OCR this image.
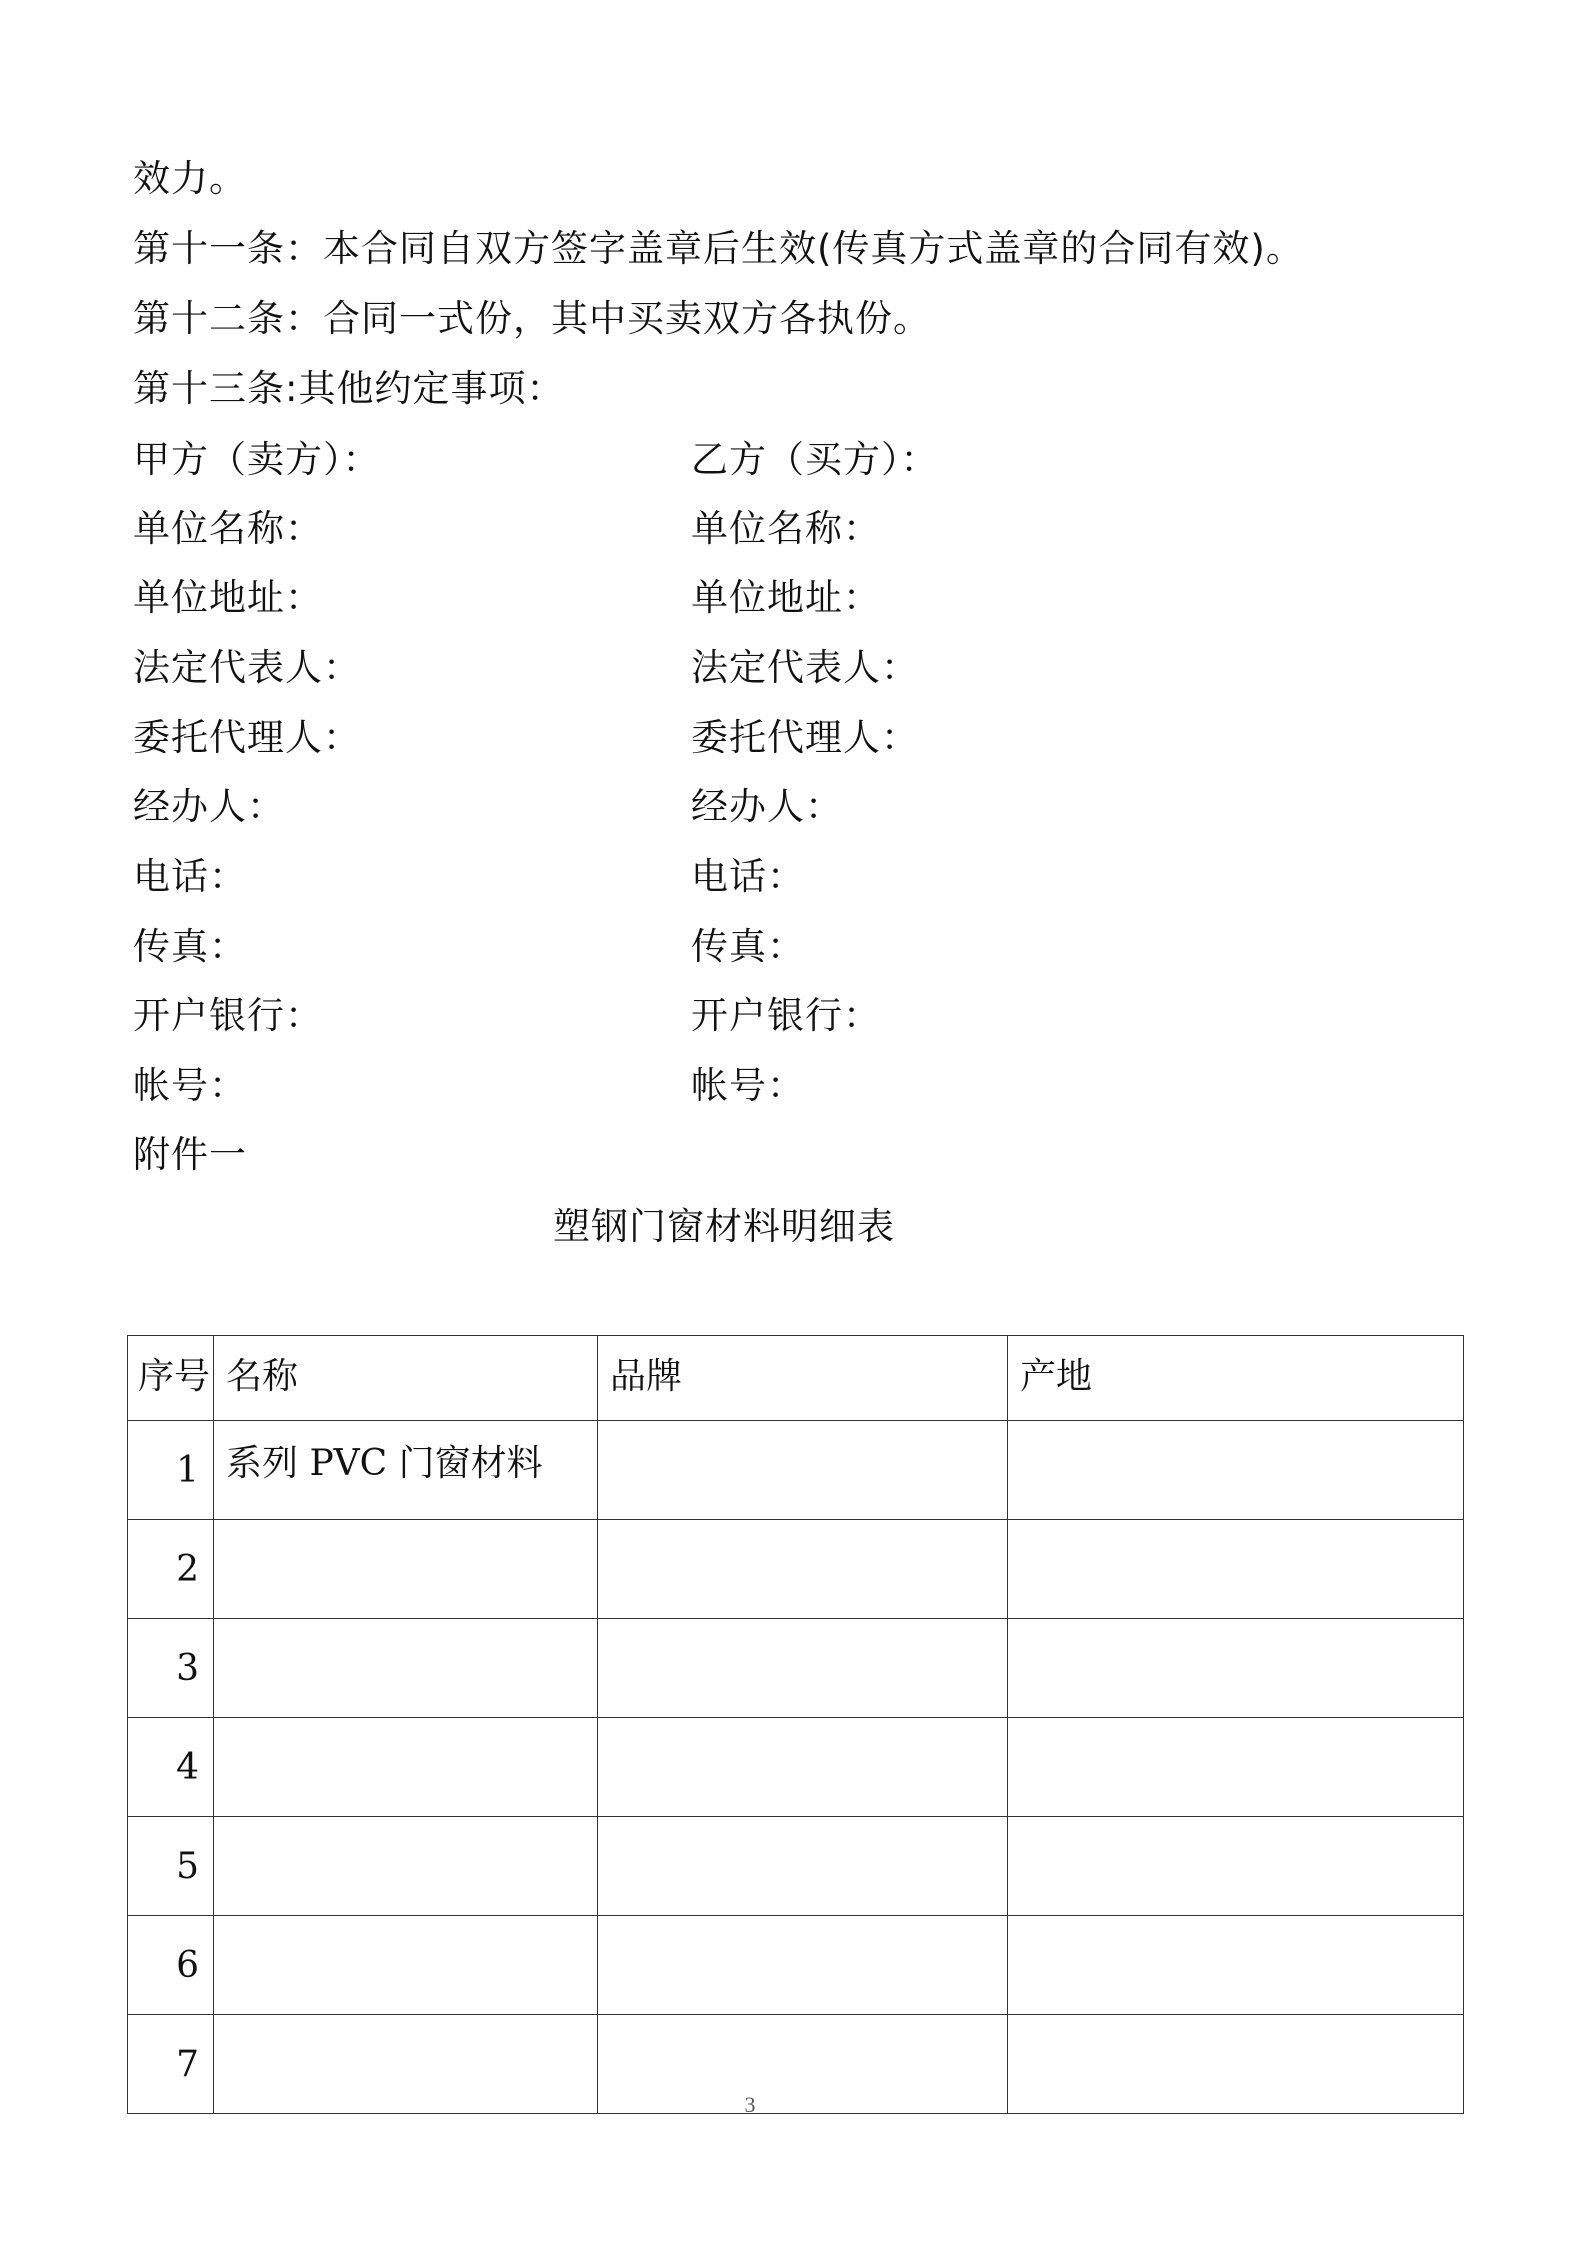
效力。
第十一条：本合同自双方签字盖章后生效(传真方式盖章的合同有效)。
第十二条：合同一式份，其中买卖双方各执份。
第十三条:其他约定事项：
甲方（卖方）：	乙方（买方）：
单位名称：	单位名称：
单位地址：	单位地址：
法定代表人：	法定代表人：
委托代理人：	委托代理人：
经办人：	经办人：
电话：	电话：
传真：	传真：
开户银行：	开户银行：
帐号：	帐号：
附件一
塑钢门窗材料明细表
序号	名称	品牌	产地
1	系列 PVC 门窗材料		
2			
3			
4			
5			
6			
7			
3
